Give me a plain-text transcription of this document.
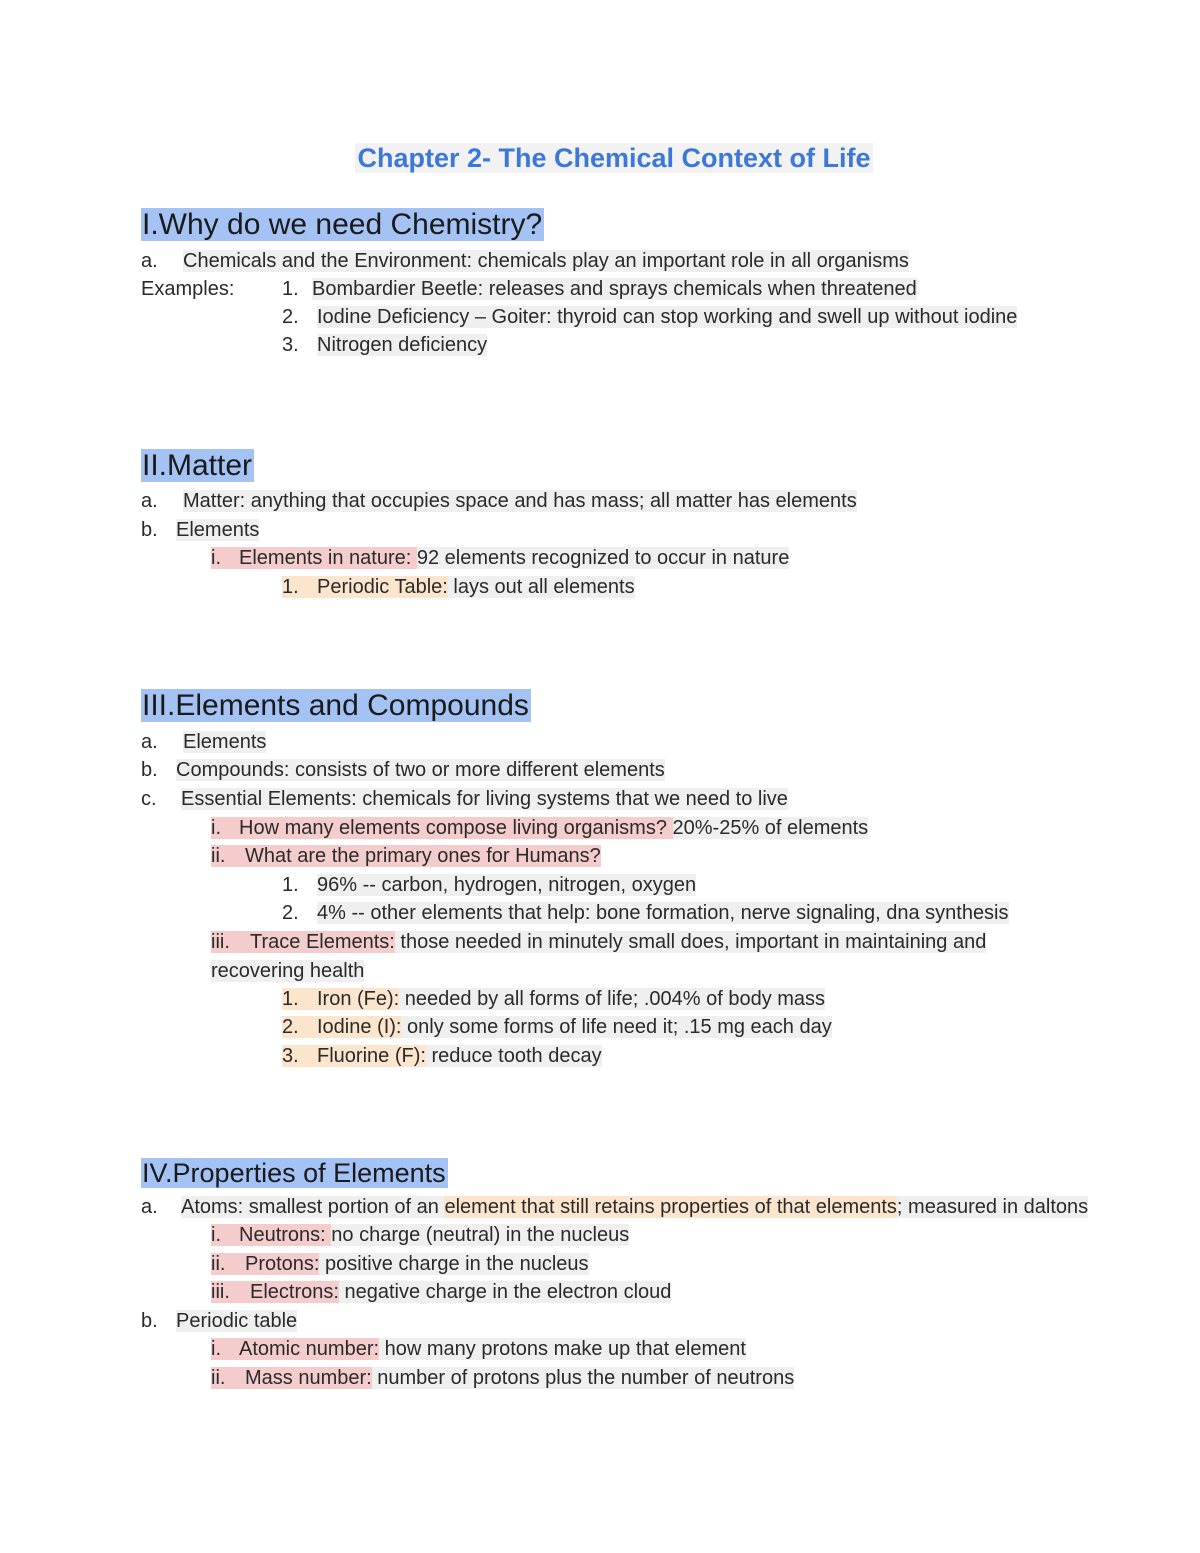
Chapter 2- The Chemical Context of Life
I.Why do we need Chemistry?
a. Chemicals and the Environment: chemicals play an important role in all organisms
Examples: 1. Bombardier Beetle: releases and sprays chemicals when threatened
2. Iodine Deficiency – Goiter: thyroid can stop working and swell up without iodine
3. Nitrogen deficiency
II.Matter
a. Matter: anything that occupies space and has mass; all matter has elements
b. Elements
i. Elements in nature: 92 elements recognized to occur in nature
1. Periodic Table: lays out all elements
III.Elements and Compounds
a. Elements
b. Compounds: consists of two or more different elements
c. Essential Elements: chemicals for living systems that we need to live
i. How many elements compose living organisms? 20%-25% of elements
ii. What are the primary ones for Humans?
1. 96% -- carbon, hydrogen, nitrogen, oxygen
2. 4% -- other elements that help: bone formation, nerve signaling, dna synthesis
iii. Trace Elements: those needed in minutely small does, important in maintaining and
recovering health
1. Iron (Fe): needed by all forms of life; .004% of body mass
2. Iodine (I): only some forms of life need it; .15 mg each day
3. Fluorine (F): reduce tooth decay
IV.Properties of Elements
a. Atoms: smallest portion of an element that still retains properties of that elements; measured in daltons
i. Neutrons: no charge (neutral) in the nucleus
ii. Protons: positive charge in the nucleus
iii. Electrons: negative charge in the electron cloud
b. Periodic table
i. Atomic number: how many protons make up that element
ii. Mass number: number of protons plus the number of neutrons
